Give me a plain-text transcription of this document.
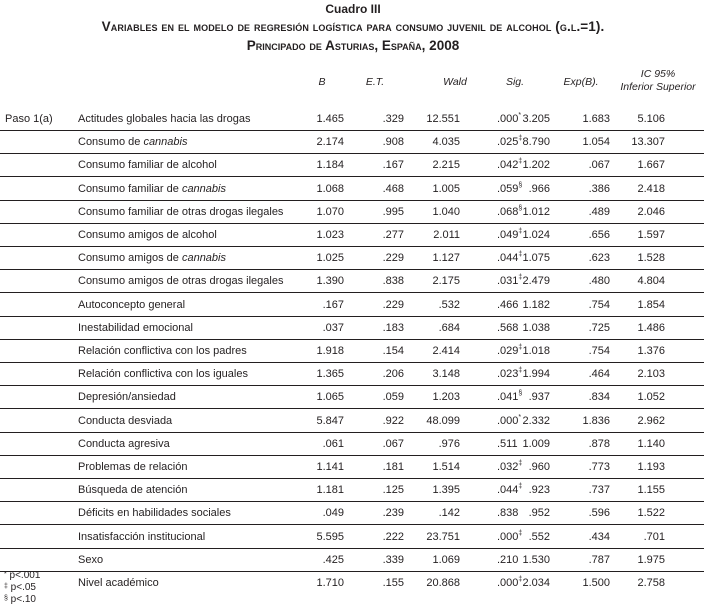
Cuadro III
Variables en el modelo de regresión logística para consumo juvenil de alcohol (g.l.=1).
Principado de Asturias, España, 2008
B	E.T.	Wald	Sig.	Exp(B).
IC 95%
Inferior Superior
Paso 1(a) Actitudes globales hacia las drogas	1.465	.329 12.551	.000* 3.205	1.683 5.106
Consumo de cannabis	2.174	.908	4.035	.025‡ 8.790	1.054 13.307
Consumo familiar de alcohol	1.184	.167	2.215	.042‡ 1.202	.067 1.667
Consumo familiar de cannabis	1.068	.468	1.005	.059§ .966	.386 2.418
Consumo familiar de otras drogas ilegales	1.070	.995	1.040	.068§ 1.012	.489 2.046
Consumo amigos de alcohol	1.023	.277	2.011	.049‡ 1.024	.656 1.597
Consumo amigos de cannabis	1.025	.229	1.127	.044‡ 1.075	.623 1.528
Consumo amigos de otras drogas ilegales	1.390	.838	2.175	.031‡ 2.479	.480 4.804
Autoconcepto general	.167	.229	.532	.466 1.182	.754 1.854
Inestabilidad emocional	.037	.183	.684	.568 1.038	.725 1.486
Relación conflictiva con los padres	1.918	.154	2.414	.029‡ 1.018	.754 1.376
Relación conflictiva con los iguales	1.365	.206	3.148	.023‡ 1.994	.464 2.103
Depresión/ansiedad	1.065	.059	1.203	.041§ .937	.834 1.052
Conducta desviada	5.847	.922 48.099	.000* 2.332	1.836 2.962
Conducta agresiva	.061	.067	.976	.511 1.009	.878 1.140
Problemas de relación	1.141	.181	1.514	.032‡ .960	.773 1.193
Búsqueda de atención	1.181	.125	1.395	.044‡ .923	.737 1.155
Déficits en habilidades sociales	.049	.239	.142	.838 .952	.596 1.522
Insatisfacción institucional	5.595	.222 23.751	.000‡ .552	.434	.701
Sexo	.425	.339	1.069	.210 1.530	.787 1.975
Nivel académico	1.710	.155 20.868	.000‡ 2.034	1.500 2.758
* p<.001
‡ p<.05
§ p<.10
